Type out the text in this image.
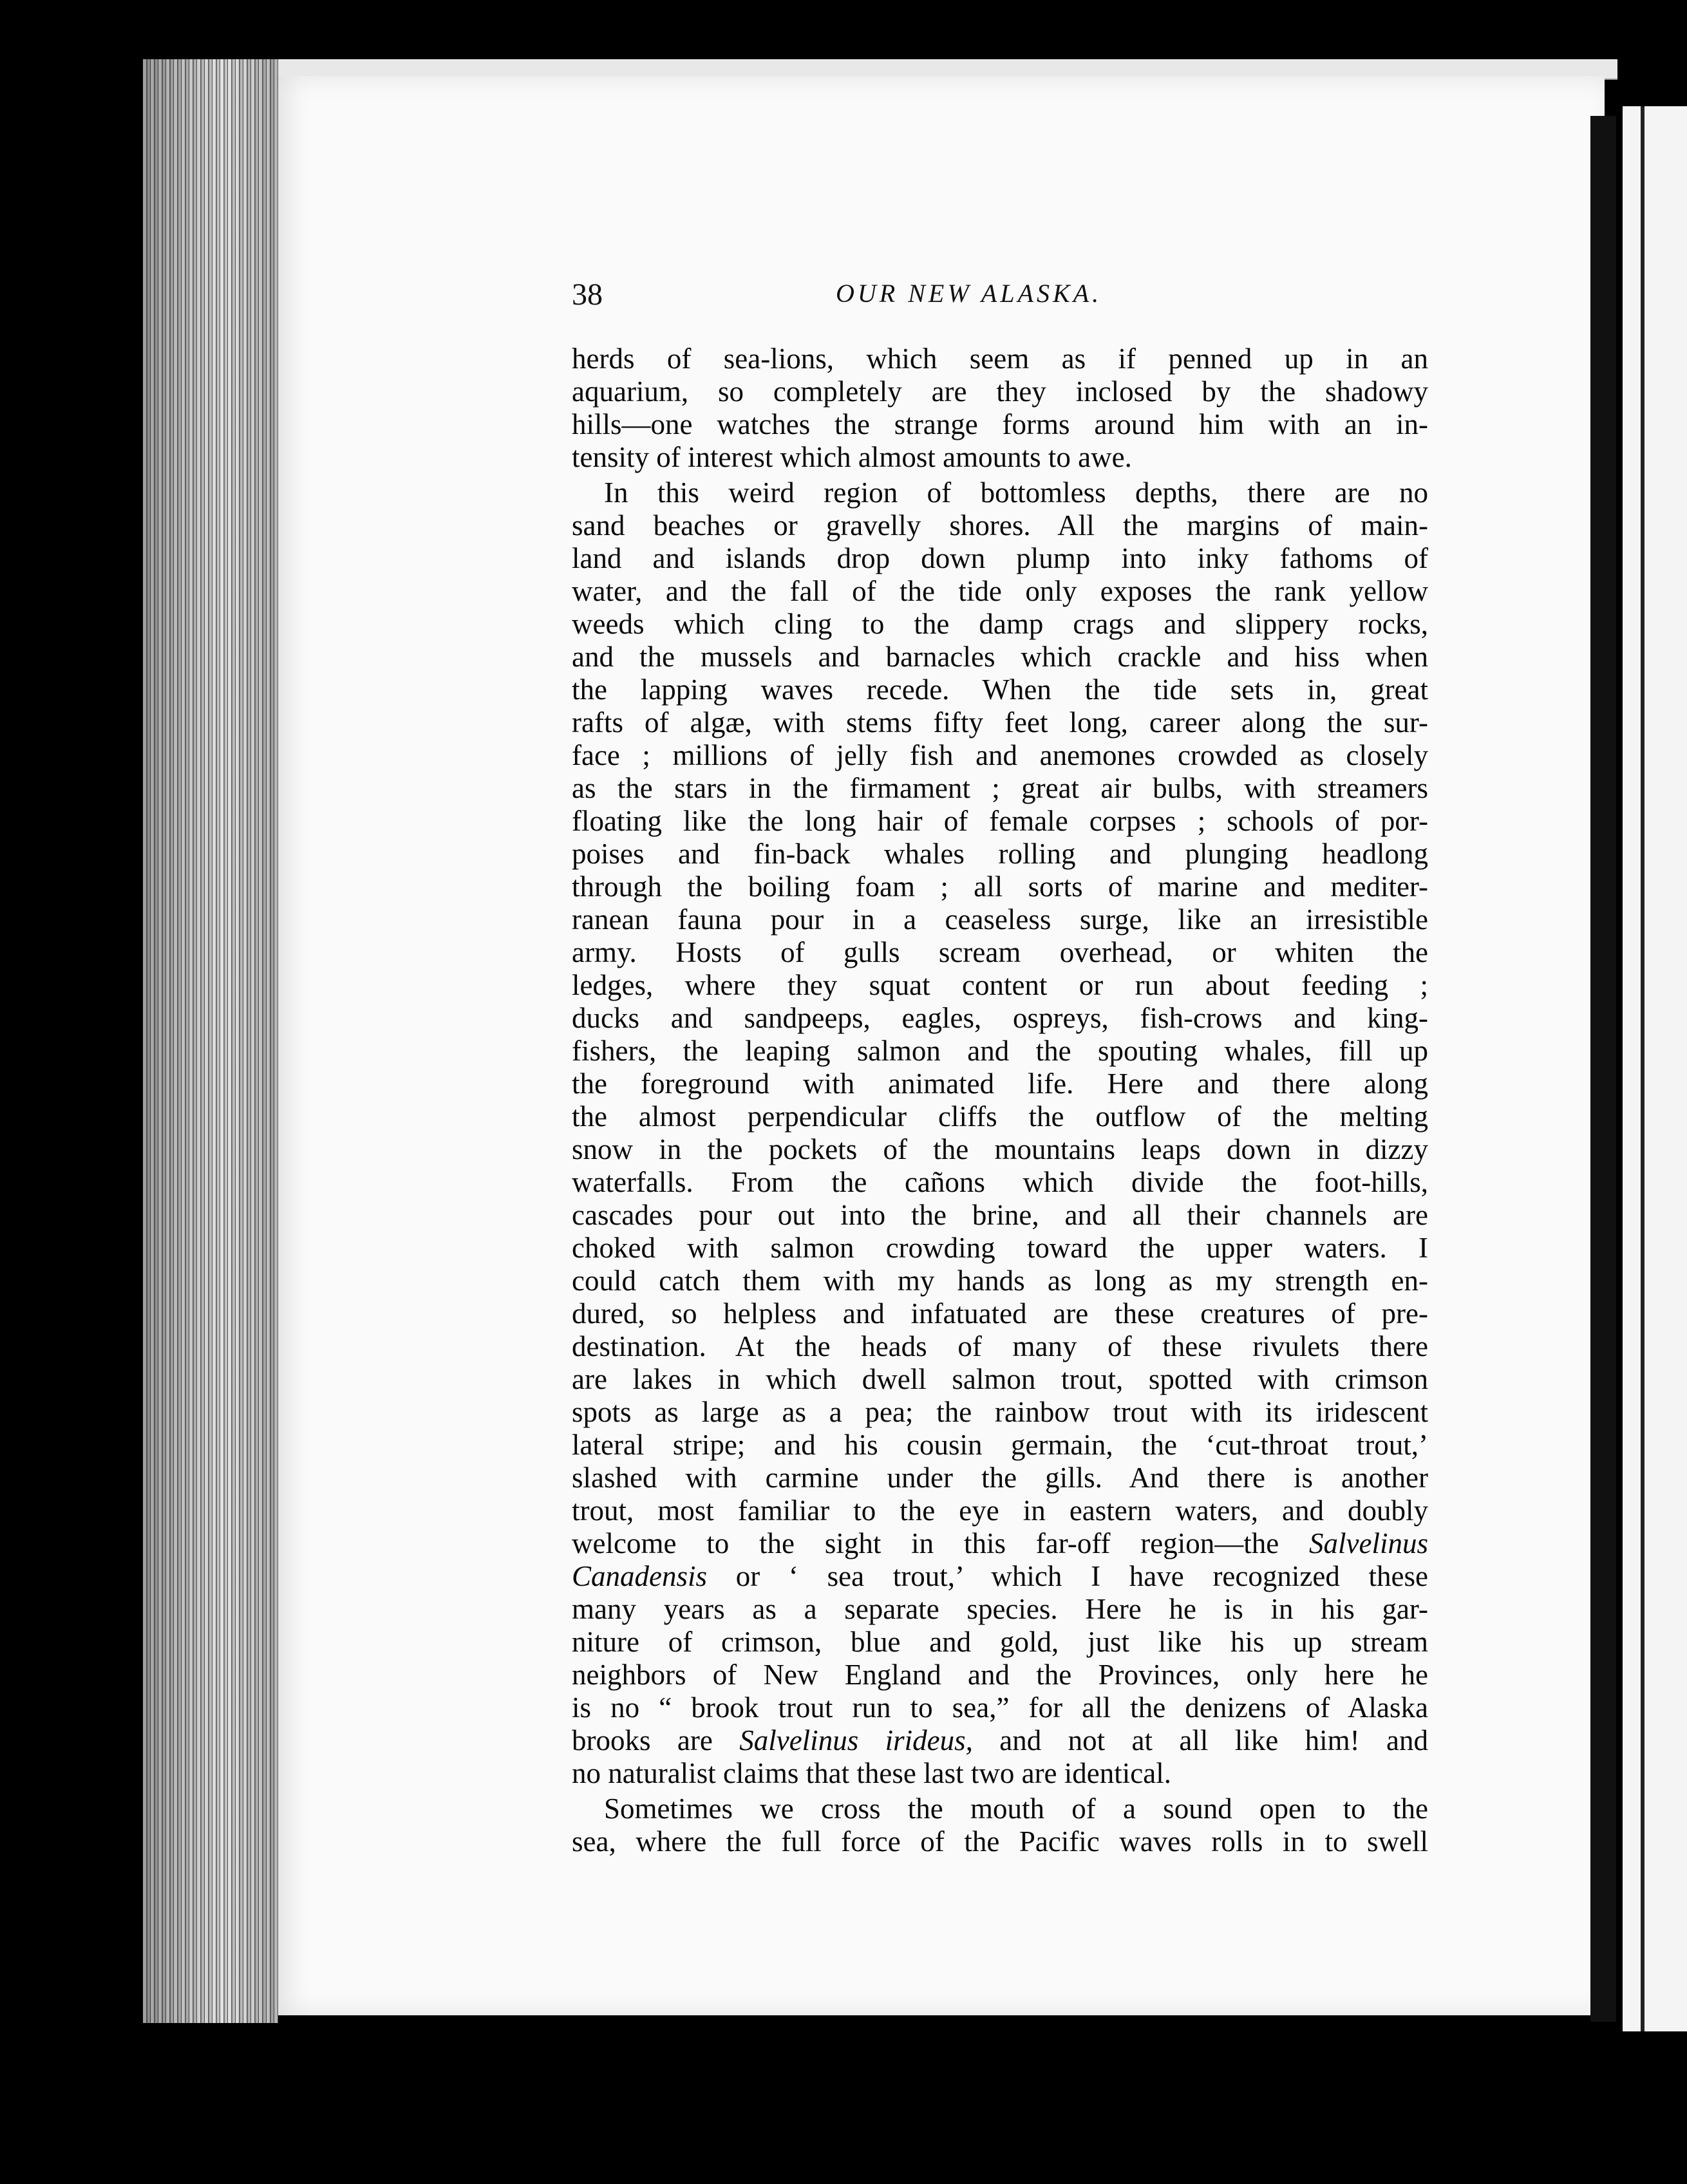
38	OUR NEW ALASKA.
herds of sea-lions, which seem as if penned up in an
aquarium, so completely are they inclosed by the shadowy
hills—one watches the strange forms around him with an in-
tensity of interest which almost amounts to awe.
In this weird region of bottomless depths, there are no
sand beaches or gravelly shores. All the margins of main-
land and islands drop down plump into inky fathoms of
water, and the fall of the tide only exposes the rank yellow
weeds which cling to the damp crags and slippery rocks,
and the mussels and barnacles which crackle and hiss when
the lapping waves recede. When the tide sets in, great
rafts of algæ, with stems fifty feet long, career along the sur-
face ; millions of jelly fish and anemones crowded as closely
as the stars in the firmament ; great air bulbs, with streamers
floating like the long hair of female corpses ; schools of por-
poises and fin-back whales rolling and plunging headlong
through the boiling foam ; all sorts of marine and mediter-
ranean fauna pour in a ceaseless surge, like an irresistible
army. Hosts of gulls scream overhead, or whiten the
ledges, where they squat content or run about feeding ;
ducks and sandpeeps, eagles, ospreys, fish-crows and king-
fishers, the leaping salmon and the spouting whales, fill up
the foreground with animated life. Here and there along
the almost perpendicular cliffs the outflow of the melting
snow in the pockets of the mountains leaps down in dizzy
waterfalls. From the cañons which divide the foot-hills,
cascades pour out into the brine, and all their channels are
choked with salmon crowding toward the upper waters. I
could catch them with my hands as long as my strength en-
dured, so helpless and infatuated are these creatures of pre-
destination. At the heads of many of these rivulets there
are lakes in which dwell salmon trout, spotted with crimson
spots as large as a pea; the rainbow trout with its iridescent
lateral stripe; and his cousin germain, the ‘cut-throat trout,’
slashed with carmine under the gills. And there is another
trout, most familiar to the eye in eastern waters, and doubly
welcome to the sight in this far-off region—the Salvelinus
Canadensis or ‘ sea trout,’ which I have recognized these
many years as a separate species. Here he is in his gar-
niture of crimson, blue and gold, just like his up stream
neighbors of New England and the Provinces, only here he
is no “ brook trout run to sea,” for all the denizens of Alaska
brooks are Salvelinus irideus, and not at all like him! and
no naturalist claims that these last two are identical.
Sometimes we cross the mouth of a sound open to the
sea, where the full force of the Pacific waves rolls in to swell
